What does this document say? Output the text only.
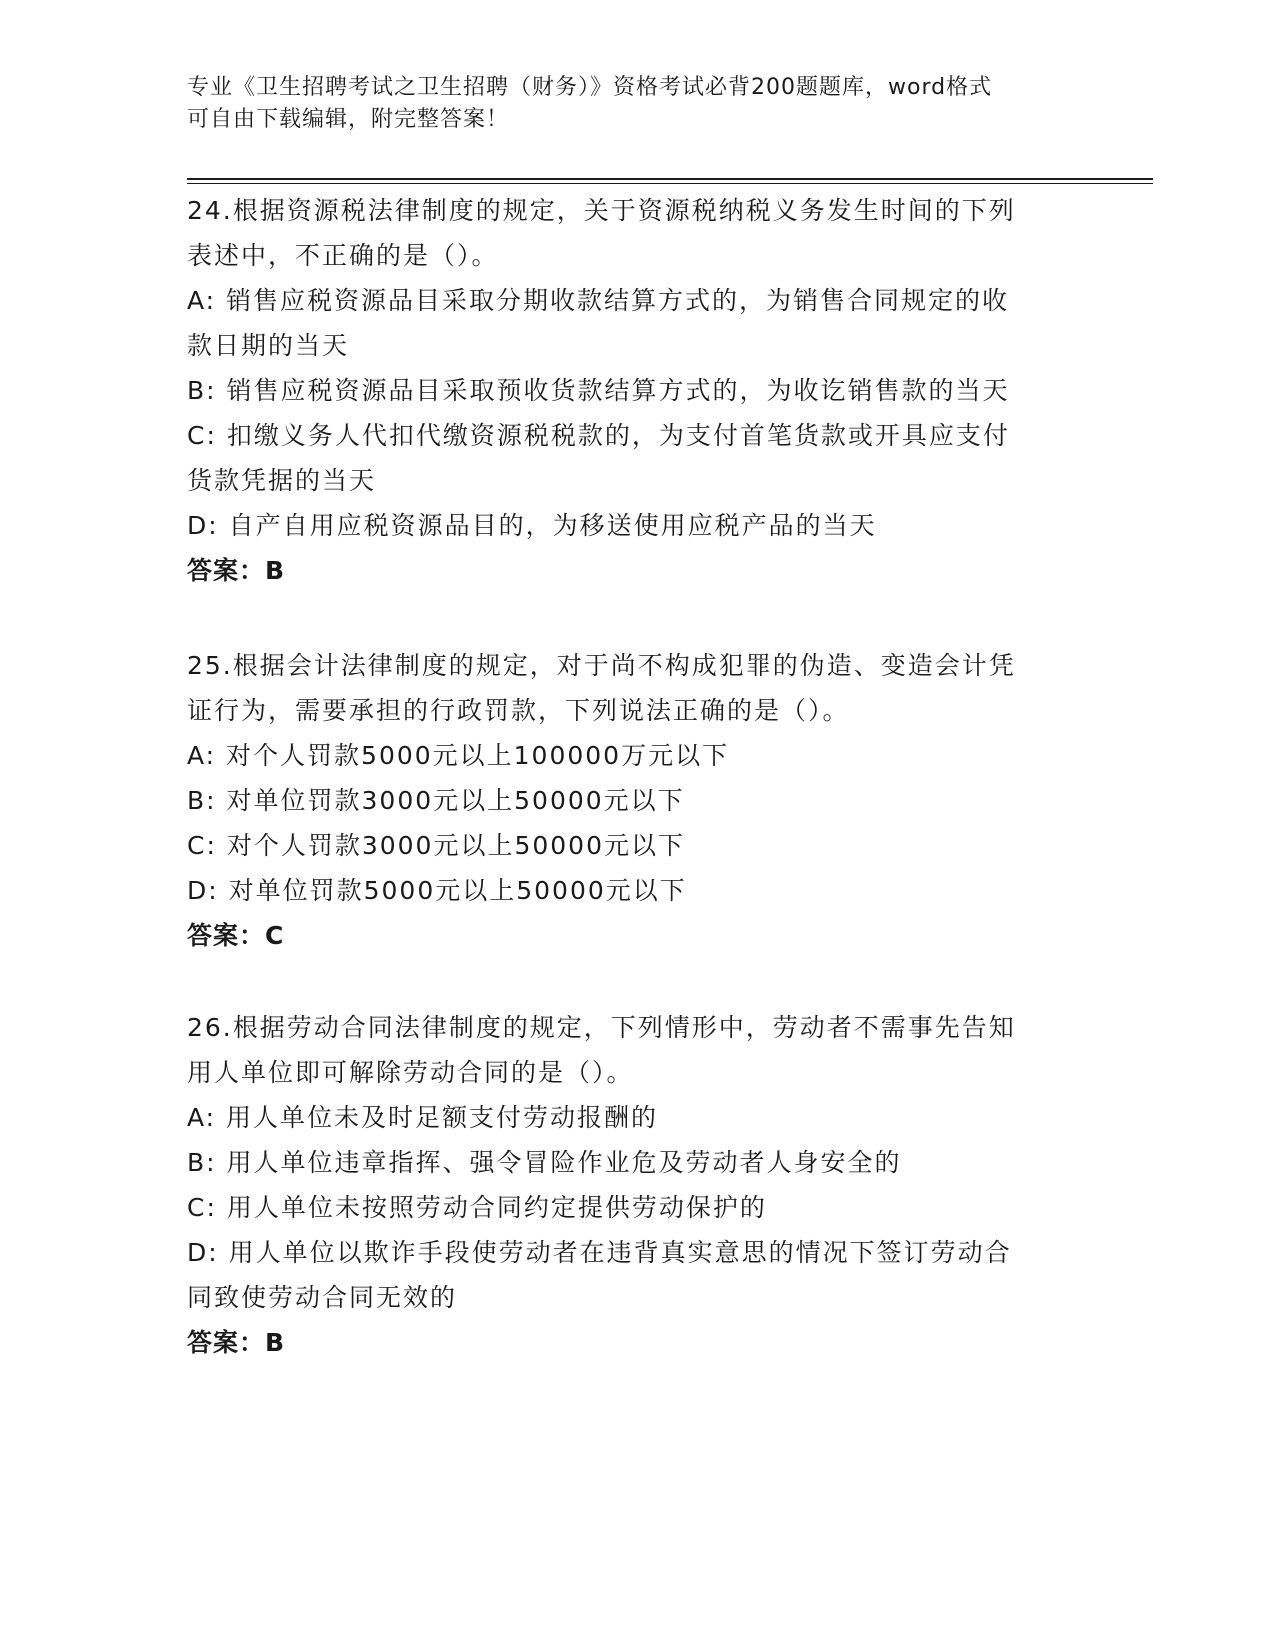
专业《卫生招聘考试之卫生招聘（财务）》资格考试必背200题题库，word格式

可自由下载编辑，附完整答案！

24.根据资源税法律制度的规定，关于资源税纳税义务发生时间的下列

表述中，不正确的是（）。

A: 销售应税资源品目采取分期收款结算方式的，为销售合同规定的收

款日期的当天

B: 销售应税资源品目采取预收货款结算方式的，为收讫销售款的当天

C: 扣缴义务人代扣代缴资源税税款的，为支付首笔货款或开具应支付

货款凭据的当天

D: 自产自用应税资源品目的，为移送使用应税产品的当天

答案：B

25.根据会计法律制度的规定，对于尚不构成犯罪的伪造、变造会计凭

证行为，需要承担的行政罚款，下列说法正确的是（）。

A: 对个人罚款5000元以上100000万元以下

B: 对单位罚款3000元以上50000元以下

C: 对个人罚款3000元以上50000元以下

D: 对单位罚款5000元以上50000元以下

答案：C

26.根据劳动合同法律制度的规定，下列情形中，劳动者不需事先告知

用人单位即可解除劳动合同的是（）。

A: 用人单位未及时足额支付劳动报酬的

B: 用人单位违章指挥、强令冒险作业危及劳动者人身安全的

C: 用人单位未按照劳动合同约定提供劳动保护的

D: 用人单位以欺诈手段使劳动者在违背真实意思的情况下签订劳动合

同致使劳动合同无效的

答案：B
